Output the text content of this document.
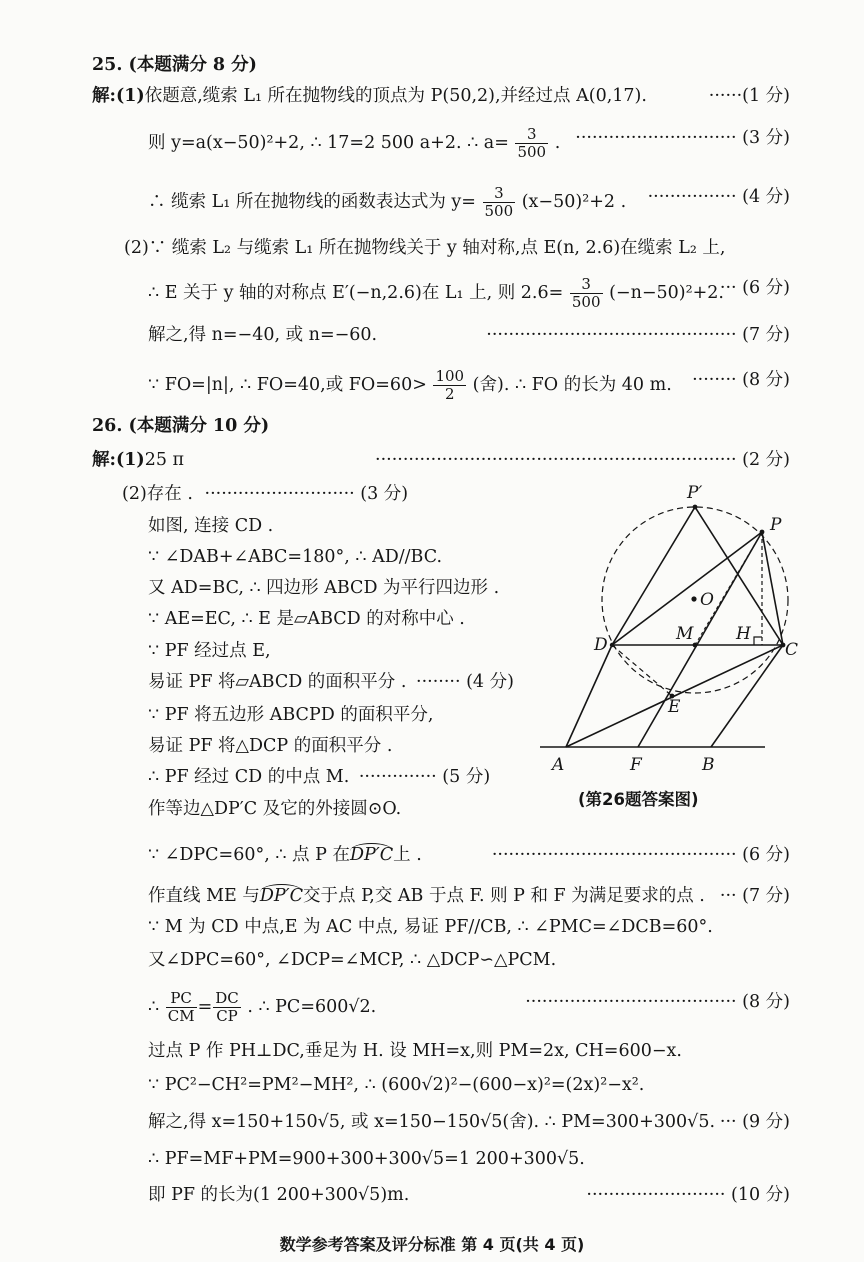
25. (本题满分 8 分)
解:(1)依题意,缆索 L₁ 所在抛物线的顶点为 P(50,2),并经过点 A(0,17).	······(1 分)
则 y=a(x−50)²+2, ∴ 17=2 500 a+2. ∴ $a= \frac{3}{500}$ . ····························· (3 分)
∴ 缆索 L₁ 所在抛物线的函数表达式为 $y= \frac{3}{500} (x-50)^2+2$ . ················ (4 分)
(2)∵ 缆索 L₂ 与缆索 L₁ 所在抛物线关于 y 轴对称,点 E(n, 2.6)在缆索 L₂ 上,
∴ E 关于 y 轴的对称点 E′(−n,2.6)在 L₁ 上, 则 $2.6= \frac{3}{500} (-n-50)^2+2$.
··· (6 分)
解之,得 n=−40, 或 n=−60.	············································· (7 分)
∵ FO=|n|, ∴ FO=40,或 $FO=60> \frac{100}{2}$ (舍). ∴ FO 的长为 40 m. ········ (8 分)
26. (本题满分 10 分)
解:(1)25 π	································································· (2 分)
(2)存在 . ··························· (3 分)
如图, 连接 CD .
∵ ∠DAB+∠ABC=180°, ∴ AD//BC.
又 AD=BC, ∴ 四边形 ABCD 为平行四边形 .
∵ AE=EC, ∴ E 是▱ABCD 的对称中心 .
∵ PF 经过点 E,
易证 PF 将▱ABCD 的面积平分 . ········ (4 分)
∵ PF 将五边形 ABCPD 的面积平分,
易证 PF 将△DCP 的面积平分 .
∴ PF 经过 CD 的中点 M. ·············· (5 分)
作等边△DP′C 及它的外接圆⊙O.
∵ ∠DPC=60°, ∴ 点 P 在DP′C上 .	············································ (6 分)
作直线 ME 与DP′C交于点 P,交 AB 于点 F. 则 P 和 F 为满足要求的点 . ··· (7 分)
∵ M 为 CD 中点,E 为 AC 中点, 易证 PF//CB, ∴ ∠PMC=∠DCB=60°.
又∠DPC=60°, ∠DCP=∠MCP, ∴ △DCP∽△PCM.
∴ $\frac{PC}{CM} = \frac{DC}{CP}$ . ∴ PC=600√2.	······································ (8 分)
过点 P 作 PH⊥DC,垂足为 H. 设 MH=x,则 PM=2x, CH=600−x.
∵ PC²−CH²=PM²−MH², ∴ (600√2)²−(600−x)²=(2x)²−x².
解之,得 x=150+150√5, 或 x=150−150√5(舍). ∴ PM=300+300√5. ··· (9 分)
∴ PF=MF+PM=900+300+300√5=1 200+300√5.
即 PF 的长为(1 200+300√5)m.	························· (10 分)
P′
P
O
D
M	H
C
E
A	F	B
(第26题答案图)
数学参考答案及评分标准 第 4 页(共 4 页)
